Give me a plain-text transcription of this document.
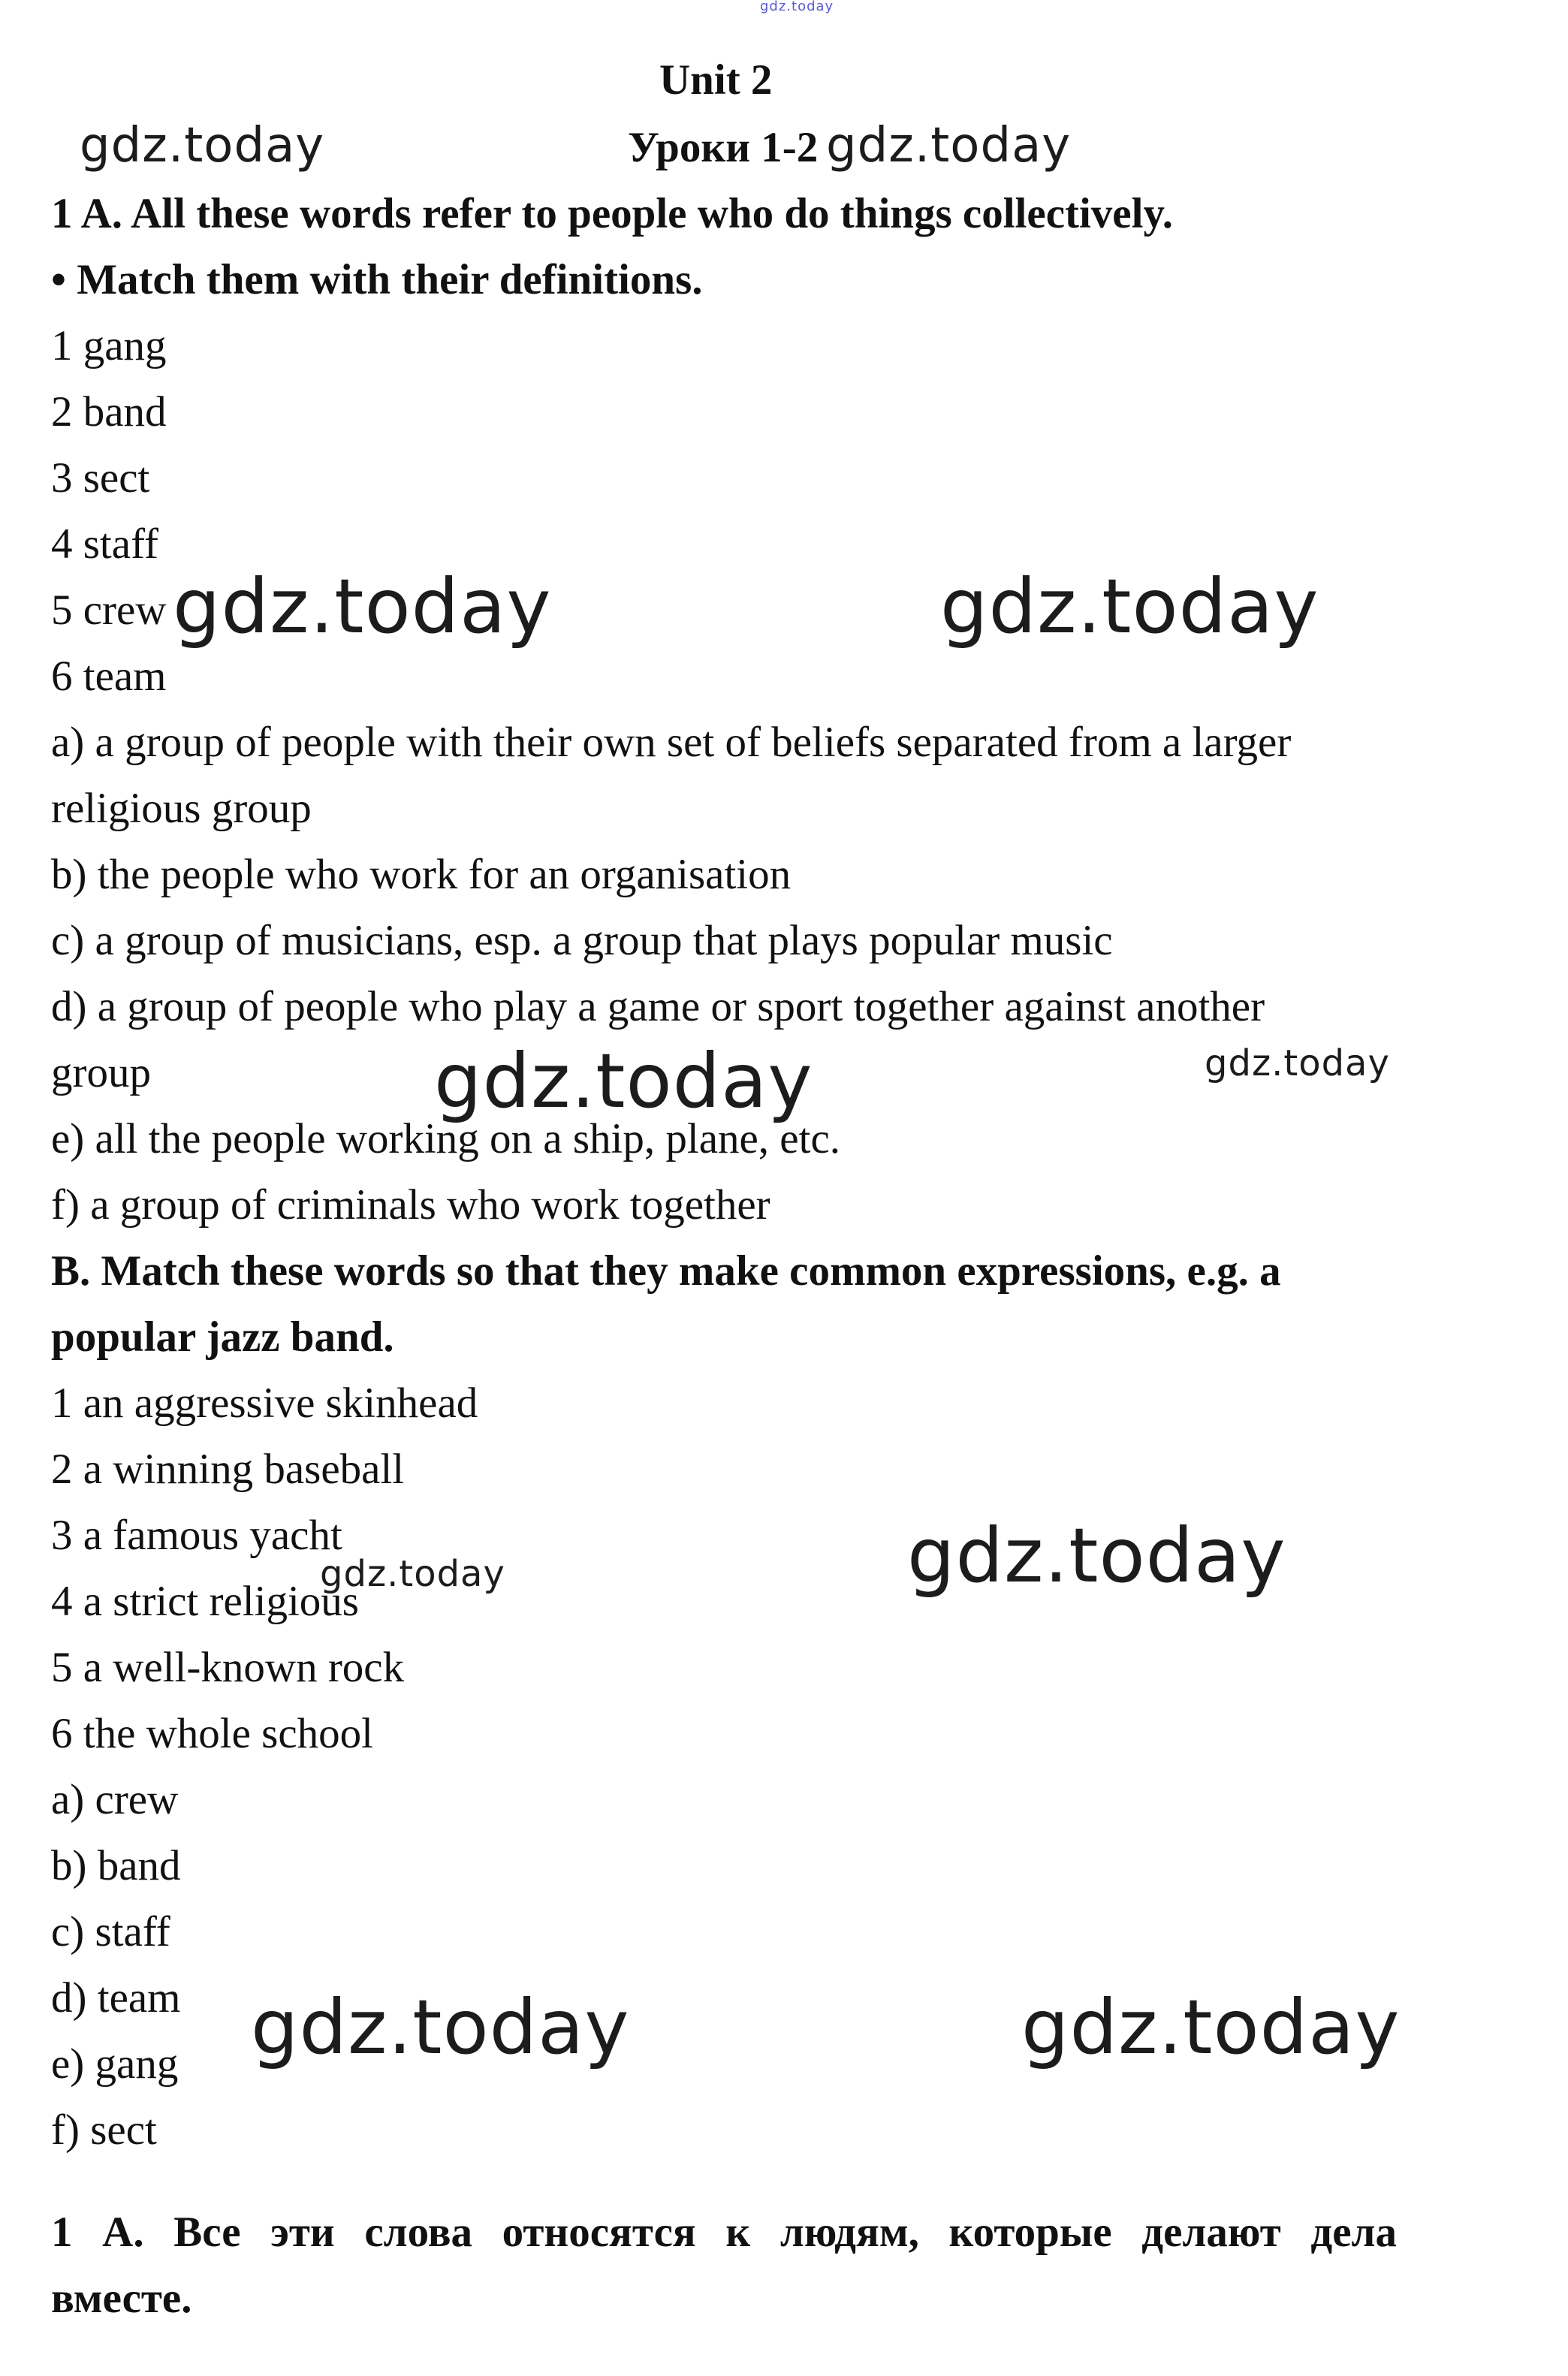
gdz.today

Unit 2

Уроки 1-2

1 A. All these words refer to people who do things collectively.

• Match them with their definitions.

1 gang

2 band

3 sect

4 staff

5 crew

6 team

a) a group of people with their own set of beliefs separated from a larger

religious group

b) the people who work for an organisation

c) a group of musicians, esp. a group that plays popular music

d) a group of people who play a game or sport together against another

group

e) all the people working on a ship, plane, etc.

f) a group of criminals who work together

B. Match these words so that they make common expressions, e.g. a

popular jazz band.

1 an aggressive skinhead

2 a winning baseball

3 a famous yacht

4 a strict religious

5 a well-known rock

6 the whole school

a) crew

b) band

c) staff

d) team

e) gang

f) sect

1 А. Все эти слова относятся к людям, которые делают дела

вместе.

gdz.today	gdz.today

gdz.today	gdz.today

gdz.today	gdz.today

gdz.today	gdz.today

gdz.today	gdz.today
